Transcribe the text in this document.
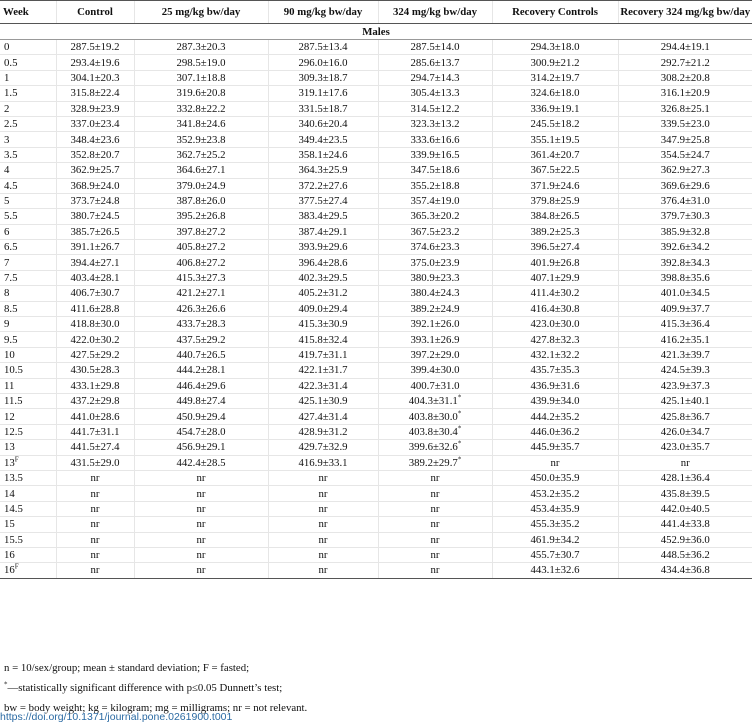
Week	Control	25 mg/kg bw/day	90 mg/kg bw/day	324 mg/kg bw/day	Recovery Controls	Recovery 324 mg/kg bw/day
Males						
0	287.5±19.2	287.3±20.3	287.5±13.4	287.5±14.0	294.3±18.0	294.4±19.1
0.5	293.4±19.6	298.5±19.0	296.0±16.0	285.6±13.7	300.9±21.2	292.7±21.2
1	304.1±20.3	307.1±18.8	309.3±18.7	294.7±14.3	314.2±19.7	308.2±20.8
1.5	315.8±22.4	319.6±20.8	319.1±17.6	305.4±13.3	324.6±18.0	316.1±20.9
2	328.9±23.9	332.8±22.2	331.5±18.7	314.5±12.2	336.9±19.1	326.8±25.1
2.5	337.0±23.4	341.8±24.6	340.6±20.4	323.3±13.2	245.5±18.2	339.5±23.0
3	348.4±23.6	352.9±23.8	349.4±23.5	333.6±16.6	355.1±19.5	347.9±25.8
3.5	352.8±20.7	362.7±25.2	358.1±24.6	339.9±16.5	361.4±20.7	354.5±24.7
4	362.9±25.7	364.6±27.1	364.3±25.9	347.5±18.6	367.5±22.5	362.9±27.3
4.5	368.9±24.0	379.0±24.9	372.2±27.6	355.2±18.8	371.9±24.6	369.6±29.6
5	373.7±24.8	387.8±26.0	377.5±27.4	357.4±19.0	379.8±25.9	376.4±31.0
5.5	380.7±24.5	395.2±26.8	383.4±29.5	365.3±20.2	384.8±26.5	379.7±30.3
6	385.7±26.5	397.8±27.2	387.4±29.1	367.5±23.2	389.2±25.3	385.9±32.8
6.5	391.1±26.7	405.8±27.2	393.9±29.6	374.6±23.3	396.5±27.4	392.6±34.2
7	394.4±27.1	406.8±27.2	396.4±28.6	375.0±23.9	401.9±26.8	392.8±34.3
7.5	403.4±28.1	415.3±27.3	402.3±29.5	380.9±23.3	407.1±29.9	398.8±35.6
8	406.7±30.7	421.2±27.1	405.2±31.2	380.4±24.3	411.4±30.2	401.0±34.5
8.5	411.6±28.8	426.3±26.6	409.0±29.4	389.2±24.9	416.4±30.8	409.9±37.7
9	418.8±30.0	433.7±28.3	415.3±30.9	392.1±26.0	423.0±30.0	415.3±36.4
9.5	422.0±30.2	437.5±29.2	415.8±32.4	393.1±26.9	427.8±32.3	416.2±35.1
10	427.5±29.2	440.7±26.5	419.7±31.1	397.2±29.0	432.1±32.2	421.3±39.7
10.5	430.5±28.3	444.2±28.1	422.1±31.7	399.4±30.0	435.7±35.3	424.5±39.3
11	433.1±29.8	446.4±29.6	422.3±31.4	400.7±31.0	436.9±31.6	423.9±37.3
11.5	437.2±29.8	449.8±27.4	425.1±30.9	404.3±31.1*	439.9±34.0	425.1±40.1
12	441.0±28.6	450.9±29.4	427.4±31.4	403.8±30.0*	444.2±35.2	425.8±36.7
12.5	441.7±31.1	454.7±28.0	428.9±31.2	403.8±30.4*	446.0±36.2	426.0±34.7
13	441.5±27.4	456.9±29.1	429.7±32.9	399.6±32.6*	445.9±35.7	423.0±35.7
$13^F$	431.5±29.0	442.4±28.5	416.9±33.1	389.2±29.7*	nr	nr
13.5	nr	nr	nr	nr	450.0±35.9	428.1±36.4
14	nr	nr	nr	nr	453.2±35.2	435.8±39.5
14.5	nr	nr	nr	nr	453.4±35.9	442.0±40.5
15	nr	nr	nr	nr	455.3±35.2	441.4±33.8
15.5	nr	nr	nr	nr	461.9±34.2	452.9±36.0
16	nr	nr	nr	nr	455.7±30.7	448.5±36.2
$16^F$	nr	nr	nr	nr	443.1±32.6	434.4±36.8
n = 10/sex/group; mean ± standard deviation; F = fasted;
*—statistically significant difference with p≤0.05 Dunnett’s test;
bw = body weight; kg = kilogram; mg = milligrams; nr = not relevant.
https://doi.org/10.1371/journal.pone.0261900.t001
